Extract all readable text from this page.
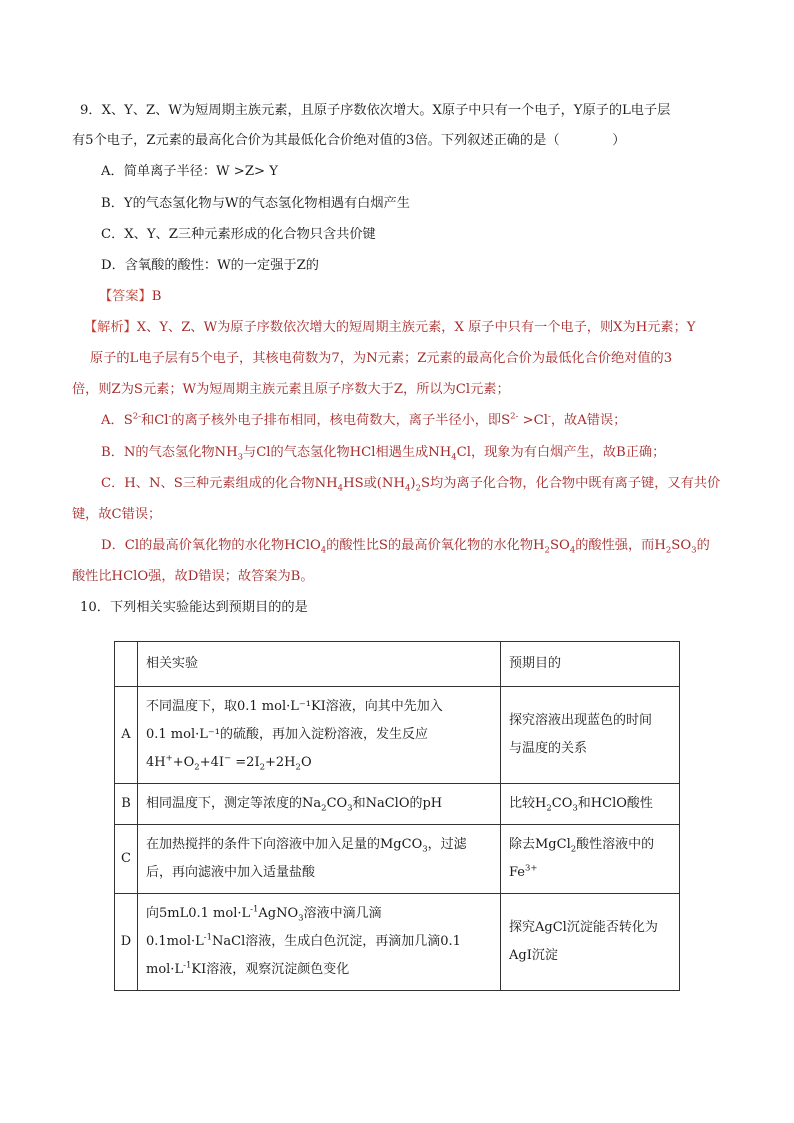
9．X、Y、Z、W为短周期主族元素，且原子序数依次增大。X原子中只有一个电子，Y原子的L电子层
有5个电子，Z元素的最高化合价为其最低化合价绝对值的3倍。下列叙述正确的是（　　　　）
A．简单离子半径：W >Z> Y
B．Y的气态氢化物与W的气态氢化物相遇有白烟产生
C．X、Y、Z三种元素形成的化合物只含共价键
D．含氧酸的酸性：W的一定强于Z的
【答案】B
【解析】X、Y、Z、W为原子序数依次增大的短周期主族元素，X 原子中只有一个电子，则X为H元素；Y
原子的L电子层有5个电子，其核电荷数为7，为N元素；Z元素的最高化合价为最低化合价绝对值的3
倍，则Z为S元素；W为短周期主族元素且原子序数大于Z，所以为Cl元素；
A．$S^{2-}$和Cl-的离子核外电子排布相同，核电荷数大，离子半径小，即$S^{2-} >Cl^-$，故A错误；
B．N的气态氢化物$NH_3$与Cl的气态氢化物HCl相遇生成$NH_4Cl$，现象为有白烟产生，故B正确；
C．H、N、S三种元素组成的化合物$NH_4HS$或$(NH_4)_2S$均为离子化合物，化合物中既有离子键，又有共价
键，故C错误；
D．Cl的最高价氧化物的水化物HClO$_4$的酸性比S的最高价氧化物的水化物$H_2SO_4$的酸性强，而$H_2SO_3$的
酸性比HClO强，故D错误；故答案为B。
10．下列相关实验能达到预期目的的是
	相关实验	预期目的
A	不同温度下，取0.1 mol·L⁻¹KI溶液，向其中先加入
0.1 mol·L⁻¹的硫酸，再加入淀粉溶液，发生反应
$4H^++O_2+4I^- =2I_2+2H_2O$	探究溶液出现蓝色的时间
与温度的关系

B	相同温度下，测定等浓度的$Na_2CO_3$和NaClO的pH	比较$H_2CO_3$和HClO酸性
C	在加热搅拌的条件下向溶液中加入足量的MgCO$_3$，过滤
后，再向滤液中加入适量盐酸	除去MgCl$_2$酸性溶液中的
$Fe^{3+}$

D	向5mL0.1 $mol\cdot L^{-1}AgNO_3$溶液中滴几滴
$0.1mol\cdot L^{-1}NaCl$溶液，生成白色沉淀，再滴加几滴0.1
$mol\cdot L^{-1}KI$溶液，观察沉淀颜色变化	探究AgCl沉淀能否转化为
AgI沉淀
